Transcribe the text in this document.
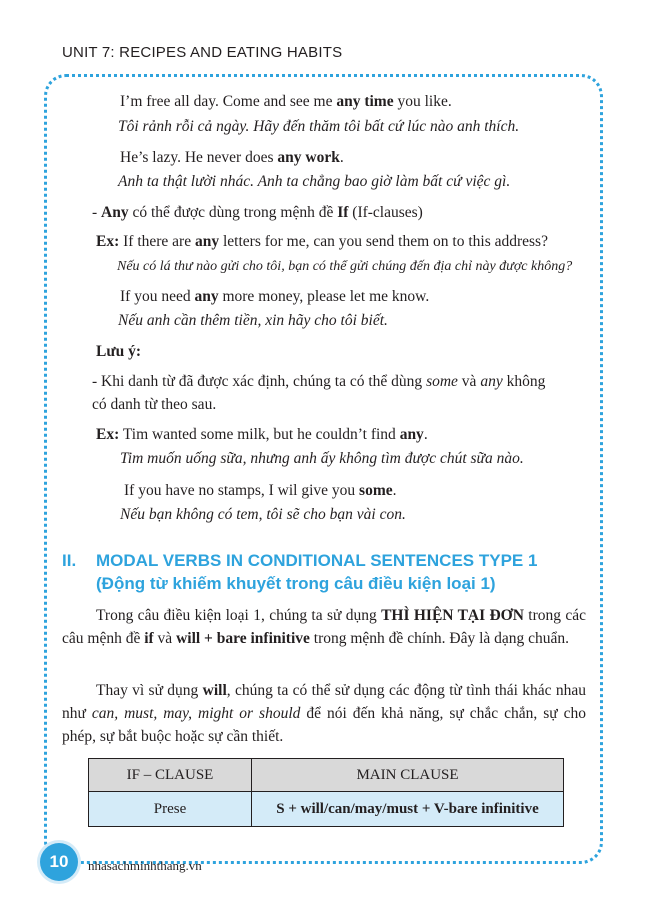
UNIT 7: RECIPES AND EATING HABITS
I’m free all day. Come and see me any time you like.
Tôi rảnh rỗi cả ngày. Hãy đến thăm tôi bất cứ lúc nào anh thích.
He’s lazy. He never does any work.
Anh ta thật lười nhác. Anh ta chẳng bao giờ làm bất cứ việc gì.
- Any có thể được dùng trong mệnh đề If (If-clauses)
Ex: If there are any letters for me, can you send them on to this address?
Nếu có lá thư nào gửi cho tôi, bạn có thể gửi chúng đến địa chỉ này được không?
If you need any more money, please let me know.
Nếu anh cần thêm tiền, xin hãy cho tôi biết.
Lưu ý:
- Khi danh từ đã được xác định, chúng ta có thể dùng some và any không
có danh từ theo sau.
Ex: Tim wanted some milk, but he couldn’t find any.
Tim muốn uống sữa, nhưng anh ấy không tìm được chút sữa nào.
If you have no stamps, I wil give you some.
Nếu bạn không có tem, tôi sẽ cho bạn vài con.
II. MODAL VERBS IN CONDITIONAL SENTENCES TYPE 1
(Động từ khiếm khuyết trong câu điều kiện loại 1)
Trong câu điều kiện loại 1, chúng ta sử dụng THÌ HIỆN TẠI ĐƠN trong các câu mệnh đề if và will + bare infinitive trong mệnh đề chính. Đây là dạng chuẩn.
Thay vì sử dụng will, chúng ta có thể sử dụng các động từ tình thái khác nhau như can, must, may, might or should để nói đến khả năng, sự chắc chắn, sự cho phép, sự bắt buộc hoặc sự cần thiết.
IF – CLAUSE	MAIN CLAUSE
Prese	S + will/can/may/must + V-bare infinitive
10	nhasachminhthang.vn
